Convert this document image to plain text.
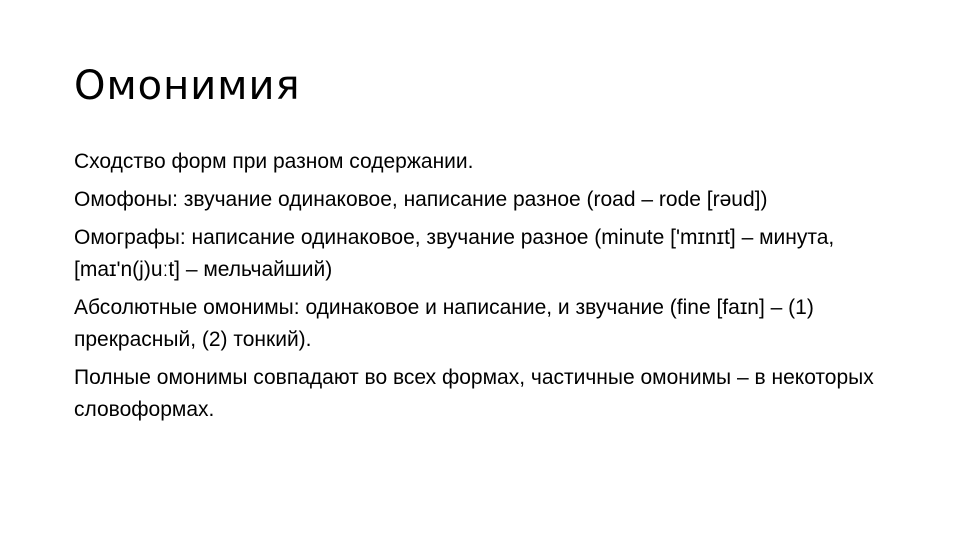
Омонимия

Сходство форм при разном содержании.

Омофоны: звучание одинаковое, написание разное (road – rode [rəud])

Омографы: написание одинаковое, звучание разное (minute ['mɪnɪt] – минута, [maɪ'n(j)uːt] – мельчайший)

Абсолютные омонимы: одинаковое и написание, и звучание (fine [faɪn] – (1) прекрасный, (2) тонкий).

Полные омонимы совпадают во всех формах, частичные омонимы – в некоторых словоформах.
